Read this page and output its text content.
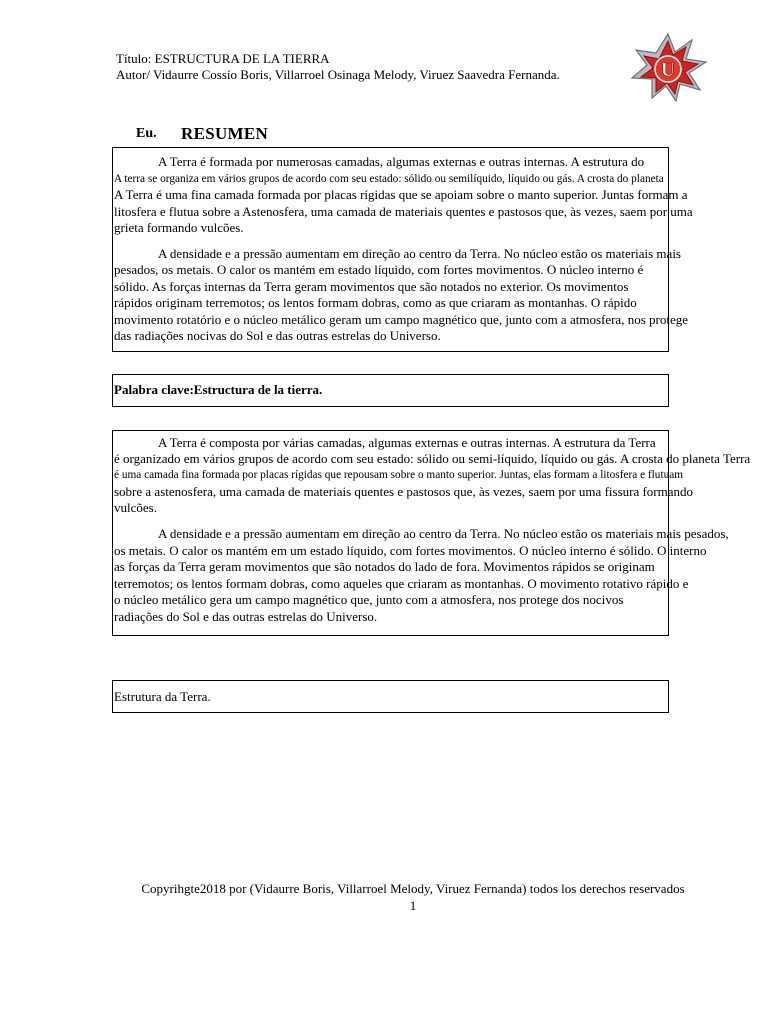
Título: ESTRUCTURA DE LA TIERRA
Autor/ Vidaurre Cossío Boris, Villarroel Osinaga Melody, Viruez Saavedra Fernanda.	U
Eu. RESUMEN
A Terra é formada por numerosas camadas, algumas externas e outras internas. A estrutura do
A terra se organiza em vários grupos de acordo com seu estado: sólido ou semilíquido, líquido ou gás. A crosta do planeta
A Terra é uma fina camada formada por placas rígidas que se apoiam sobre o manto superior. Juntas formam a
litosfera e flutua sobre a Astenosfera, uma camada de materiais quentes e pastosos que, às vezes, saem por uma
grieta formando vulcões.
A densidade e a pressão aumentam em direção ao centro da Terra. No núcleo estão os materiais mais
pesados, os metais. O calor os mantém em estado líquido, com fortes movimentos. O núcleo interno é
sólido. As forças internas da Terra geram movimentos que são notados no exterior. Os movimentos
rápidos originam terremotos; os lentos formam dobras, como as que criaram as montanhas. O rápido
movimento rotatório e o núcleo metálico geram um campo magnético que, junto com a atmosfera, nos protege
das radiações nocivas do Sol e das outras estrelas do Universo.
Palabra clave:Estructura de la tierra.
A Terra é composta por várias camadas, algumas externas e outras internas. A estrutura da Terra
é organizado em vários grupos de acordo com seu estado: sólido ou semi-líquido, líquido ou gás. A crosta do planeta Terra
é uma camada fina formada por placas rígidas que repousam sobre o manto superior. Juntas, elas formam a litosfera e flutuam
sobre a astenosfera, uma camada de materiais quentes e pastosos que, às vezes, saem por uma fissura formando
vulcões.
A densidade e a pressão aumentam em direção ao centro da Terra. No núcleo estão os materiais mais pesados,
os metais. O calor os mantém em um estado líquido, com fortes movimentos. O núcleo interno é sólido. O interno
as forças da Terra geram movimentos que são notados do lado de fora. Movimentos rápidos se originam
terremotos; os lentos formam dobras, como aqueles que criaram as montanhas. O movimento rotativo rápido e
o núcleo metálico gera um campo magnético que, junto com a atmosfera, nos protege dos nocivos
radiações do Sol e das outras estrelas do Universo.
Estrutura da Terra.
Copyrihgte2018 por (Vidaurre Boris, Villarroel Melody, Viruez Fernanda) todos los derechos reservados
1
